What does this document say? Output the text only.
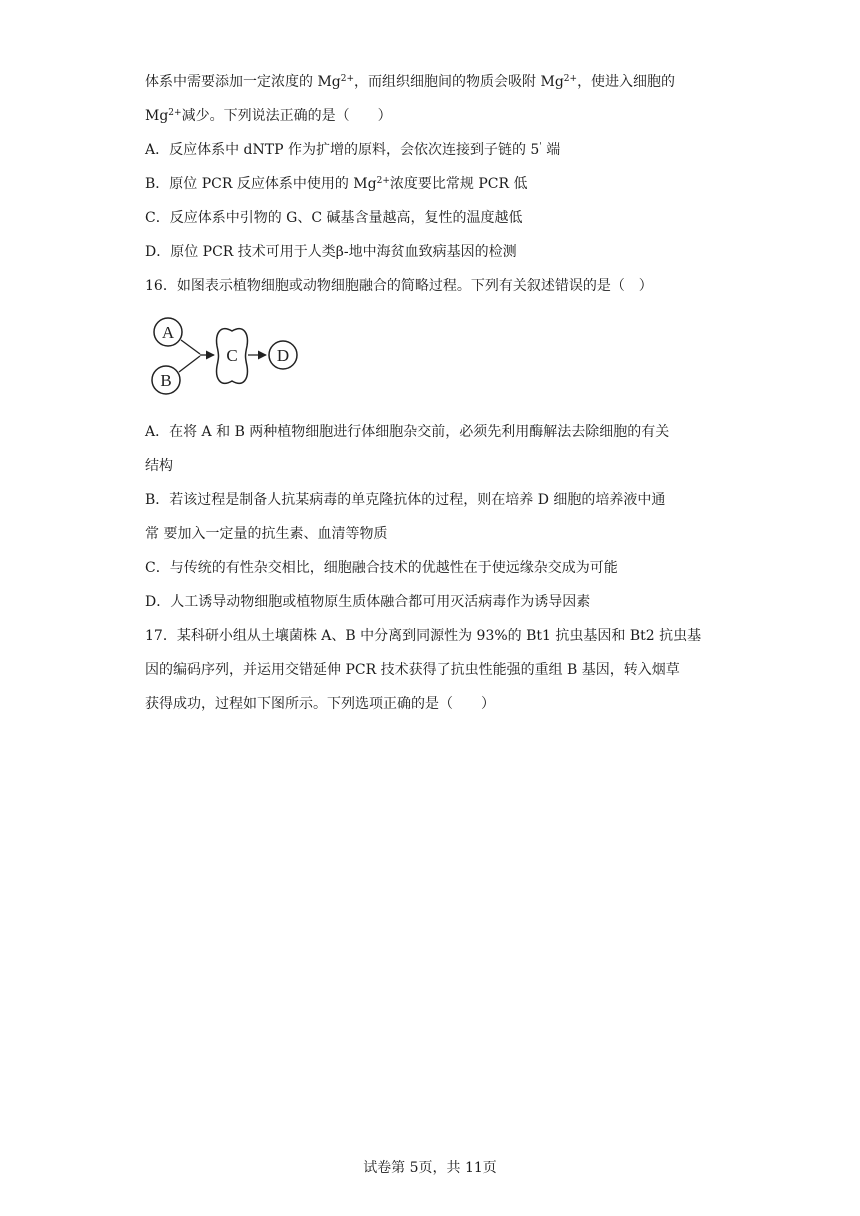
体系中需要添加一定浓度的 $Mg^{2+}$，而组织细胞间的物质会吸附 $Mg^{2+}$，使进入细胞的
$Mg^{2+}$减少。下列说法正确的是（　　）
A．反应体系中 dNTP 作为扩增的原料，会依次连接到子链的 5' 端
B．原位 PCR 反应体系中使用的 $Mg^{2+}$浓度要比常规 PCR 低
C．反应体系中引物的 G、C 碱基含量越高，复性的温度越低
D．原位 PCR 技术可用于人类β-地中海贫血致病基因的检测
16．如图表示植物细胞或动物细胞融合的简略过程。下列有关叙述错误的是（　）
A
B
C D
A．在将 A 和 B 两种植物细胞进行体细胞杂交前，必须先利用酶解法去除细胞的有关
结构
B．若该过程是制备人抗某病毒的单克隆抗体的过程，则在培养 D 细胞的培养液中通
常 要加入一定量的抗生素、血清等物质
C．与传统的有性杂交相比，细胞融合技术的优越性在于使远缘杂交成为可能
D．人工诱导动物细胞或植物原生质体融合都可用灭活病毒作为诱导因素
17．某科研小组从土壤菌株 A、B 中分离到同源性为 93%的 Bt1 抗虫基因和 Bt2 抗虫基
因的编码序列，并运用交错延伸 PCR 技术获得了抗虫性能强的重组 B 基因，转入烟草
获得成功，过程如下图所示。下列选项正确的是（　　）
试卷第 5页，共 11页
